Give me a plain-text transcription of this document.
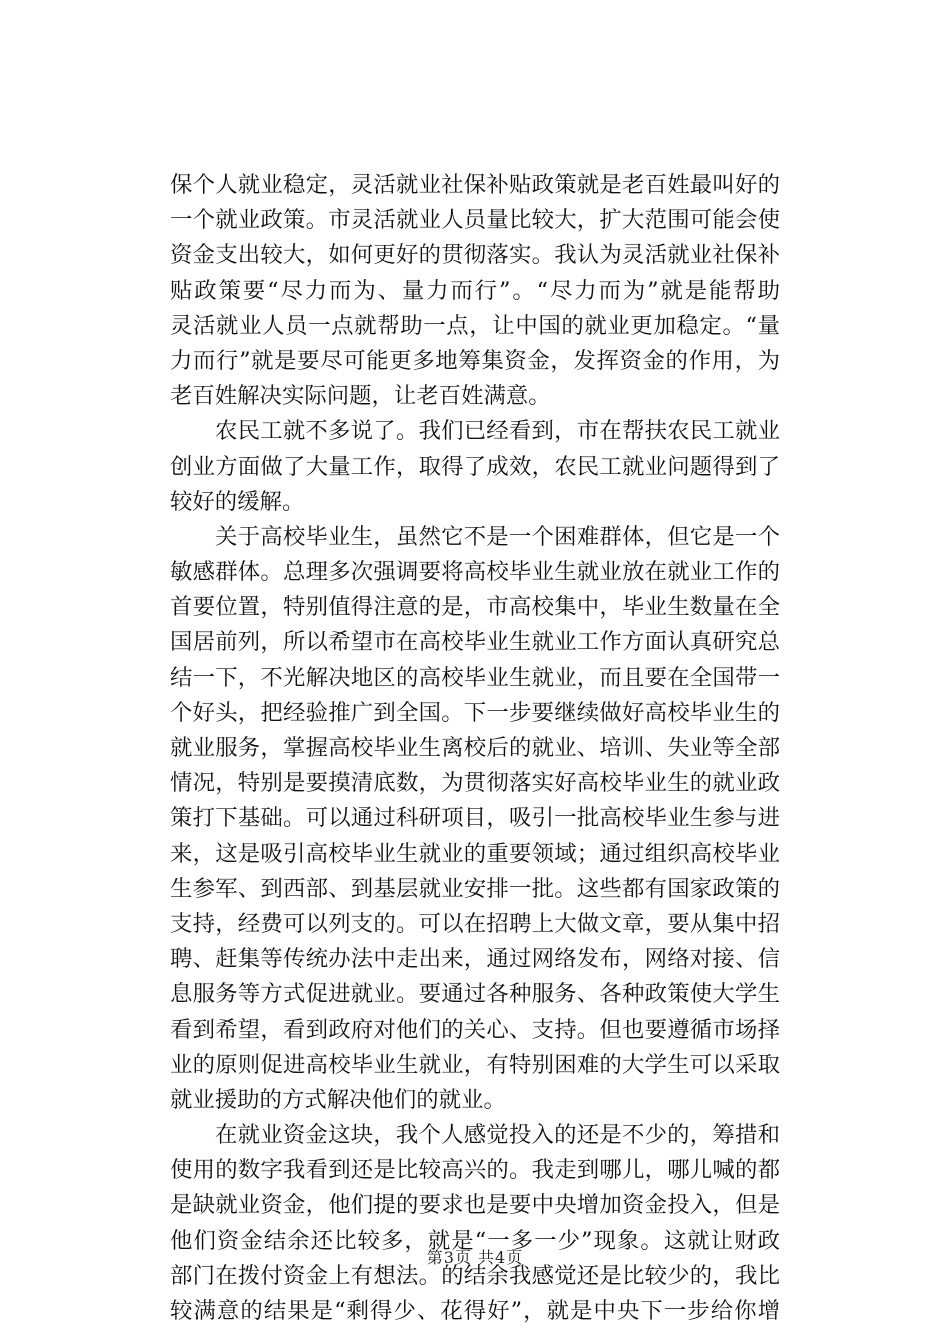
保个人就业稳定，灵活就业社保补贴政策就是老百姓最叫好的
一个就业政策。市灵活就业人员量比较大，扩大范围可能会使
资金支出较大，如何更好的贯彻落实。我认为灵活就业社保补
贴政策要“尽力而为、量力而行”。“尽力而为”就是能帮助
灵活就业人员一点就帮助一点，让中国的就业更加稳定。“量
力而行”就是要尽可能更多地筹集资金，发挥资金的作用，为
老百姓解决实际问题，让老百姓满意。
农民工就不多说了。我们已经看到，市在帮扶农民工就业
创业方面做了大量工作，取得了成效，农民工就业问题得到了
较好的缓解。
关于高校毕业生，虽然它不是一个困难群体，但它是一个
敏感群体。总理多次强调要将高校毕业生就业放在就业工作的
首要位置，特别值得注意的是，市高校集中，毕业生数量在全
国居前列，所以希望市在高校毕业生就业工作方面认真研究总
结一下，不光解决地区的高校毕业生就业，而且要在全国带一
个好头，把经验推广到全国。下一步要继续做好高校毕业生的
就业服务，掌握高校毕业生离校后的就业、培训、失业等全部
情况，特别是要摸清底数，为贯彻落实好高校毕业生的就业政
策打下基础。可以通过科研项目，吸引一批高校毕业生参与进
来，这是吸引高校毕业生就业的重要领域；通过组织高校毕业
生参军、到西部、到基层就业安排一批。这些都有国家政策的
支持，经费可以列支的。可以在招聘上大做文章，要从集中招
聘、赶集等传统办法中走出来，通过网络发布，网络对接、信
息服务等方式促进就业。要通过各种服务、各种政策使大学生
看到希望，看到政府对他们的关心、支持。但也要遵循市场择
业的原则促进高校毕业生就业，有特别困难的大学生可以采取
就业援助的方式解决他们的就业。
在就业资金这块，我个人感觉投入的还是不少的，筹措和
使用的数字我看到还是比较高兴的。我走到哪儿，哪儿喊的都
是缺就业资金，他们提的要求也是要中央增加资金投入，但是
他们资金结余还比较多，就是“一多一少”现象。这就让财政
部门在拨付资金上有想法。的结余我感觉还是比较少的，我比
较满意的结果是“剩得少、花得好”，就是中央下一步给你增
第3页 共4页
